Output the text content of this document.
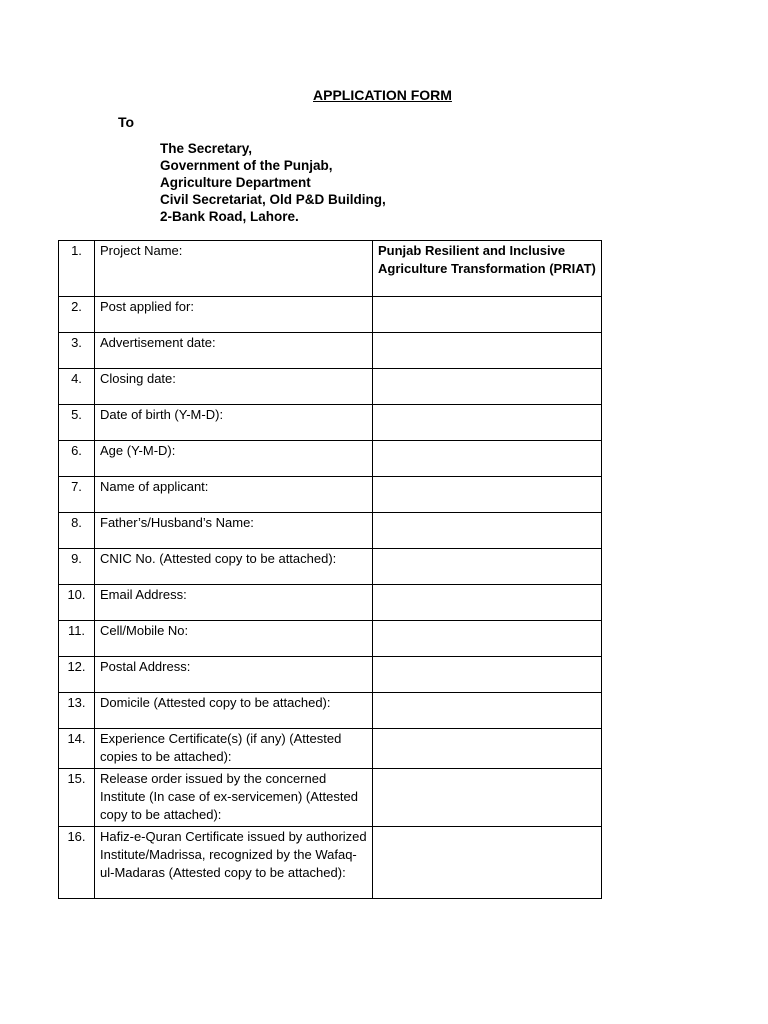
APPLICATION FORM
To
The Secretary,
Government of the Punjab,
Agriculture Department
Civil Secretariat, Old P&D Building,
2-Bank Road, Lahore.
1.	Project Name:	Punjab Resilient and Inclusive Agriculture Transformation (PRIAT)
2.	Post applied for:	
3.	Advertisement date:	
4.	Closing date:	
5.	Date of birth (Y-M-D):	
6.	Age (Y-M-D):	
7.	Name of applicant:	
8.	Father’s/Husband’s Name:	
9.	CNIC No. (Attested copy to be attached):	
10.	Email Address:	
11.	Cell/Mobile No:	
12.	Postal Address:	
13.	Domicile (Attested copy to be attached):	
14.	Experience Certificate(s) (if any) (Attested copies to be attached):	
15.	Release order issued by the concerned Institute (In case of ex-servicemen) (Attested copy to be attached):	
16.	Hafiz-e-Quran Certificate issued by authorized Institute/Madrissa, recognized by the Wafaq-ul-Madaras (Attested copy to be attached):	
